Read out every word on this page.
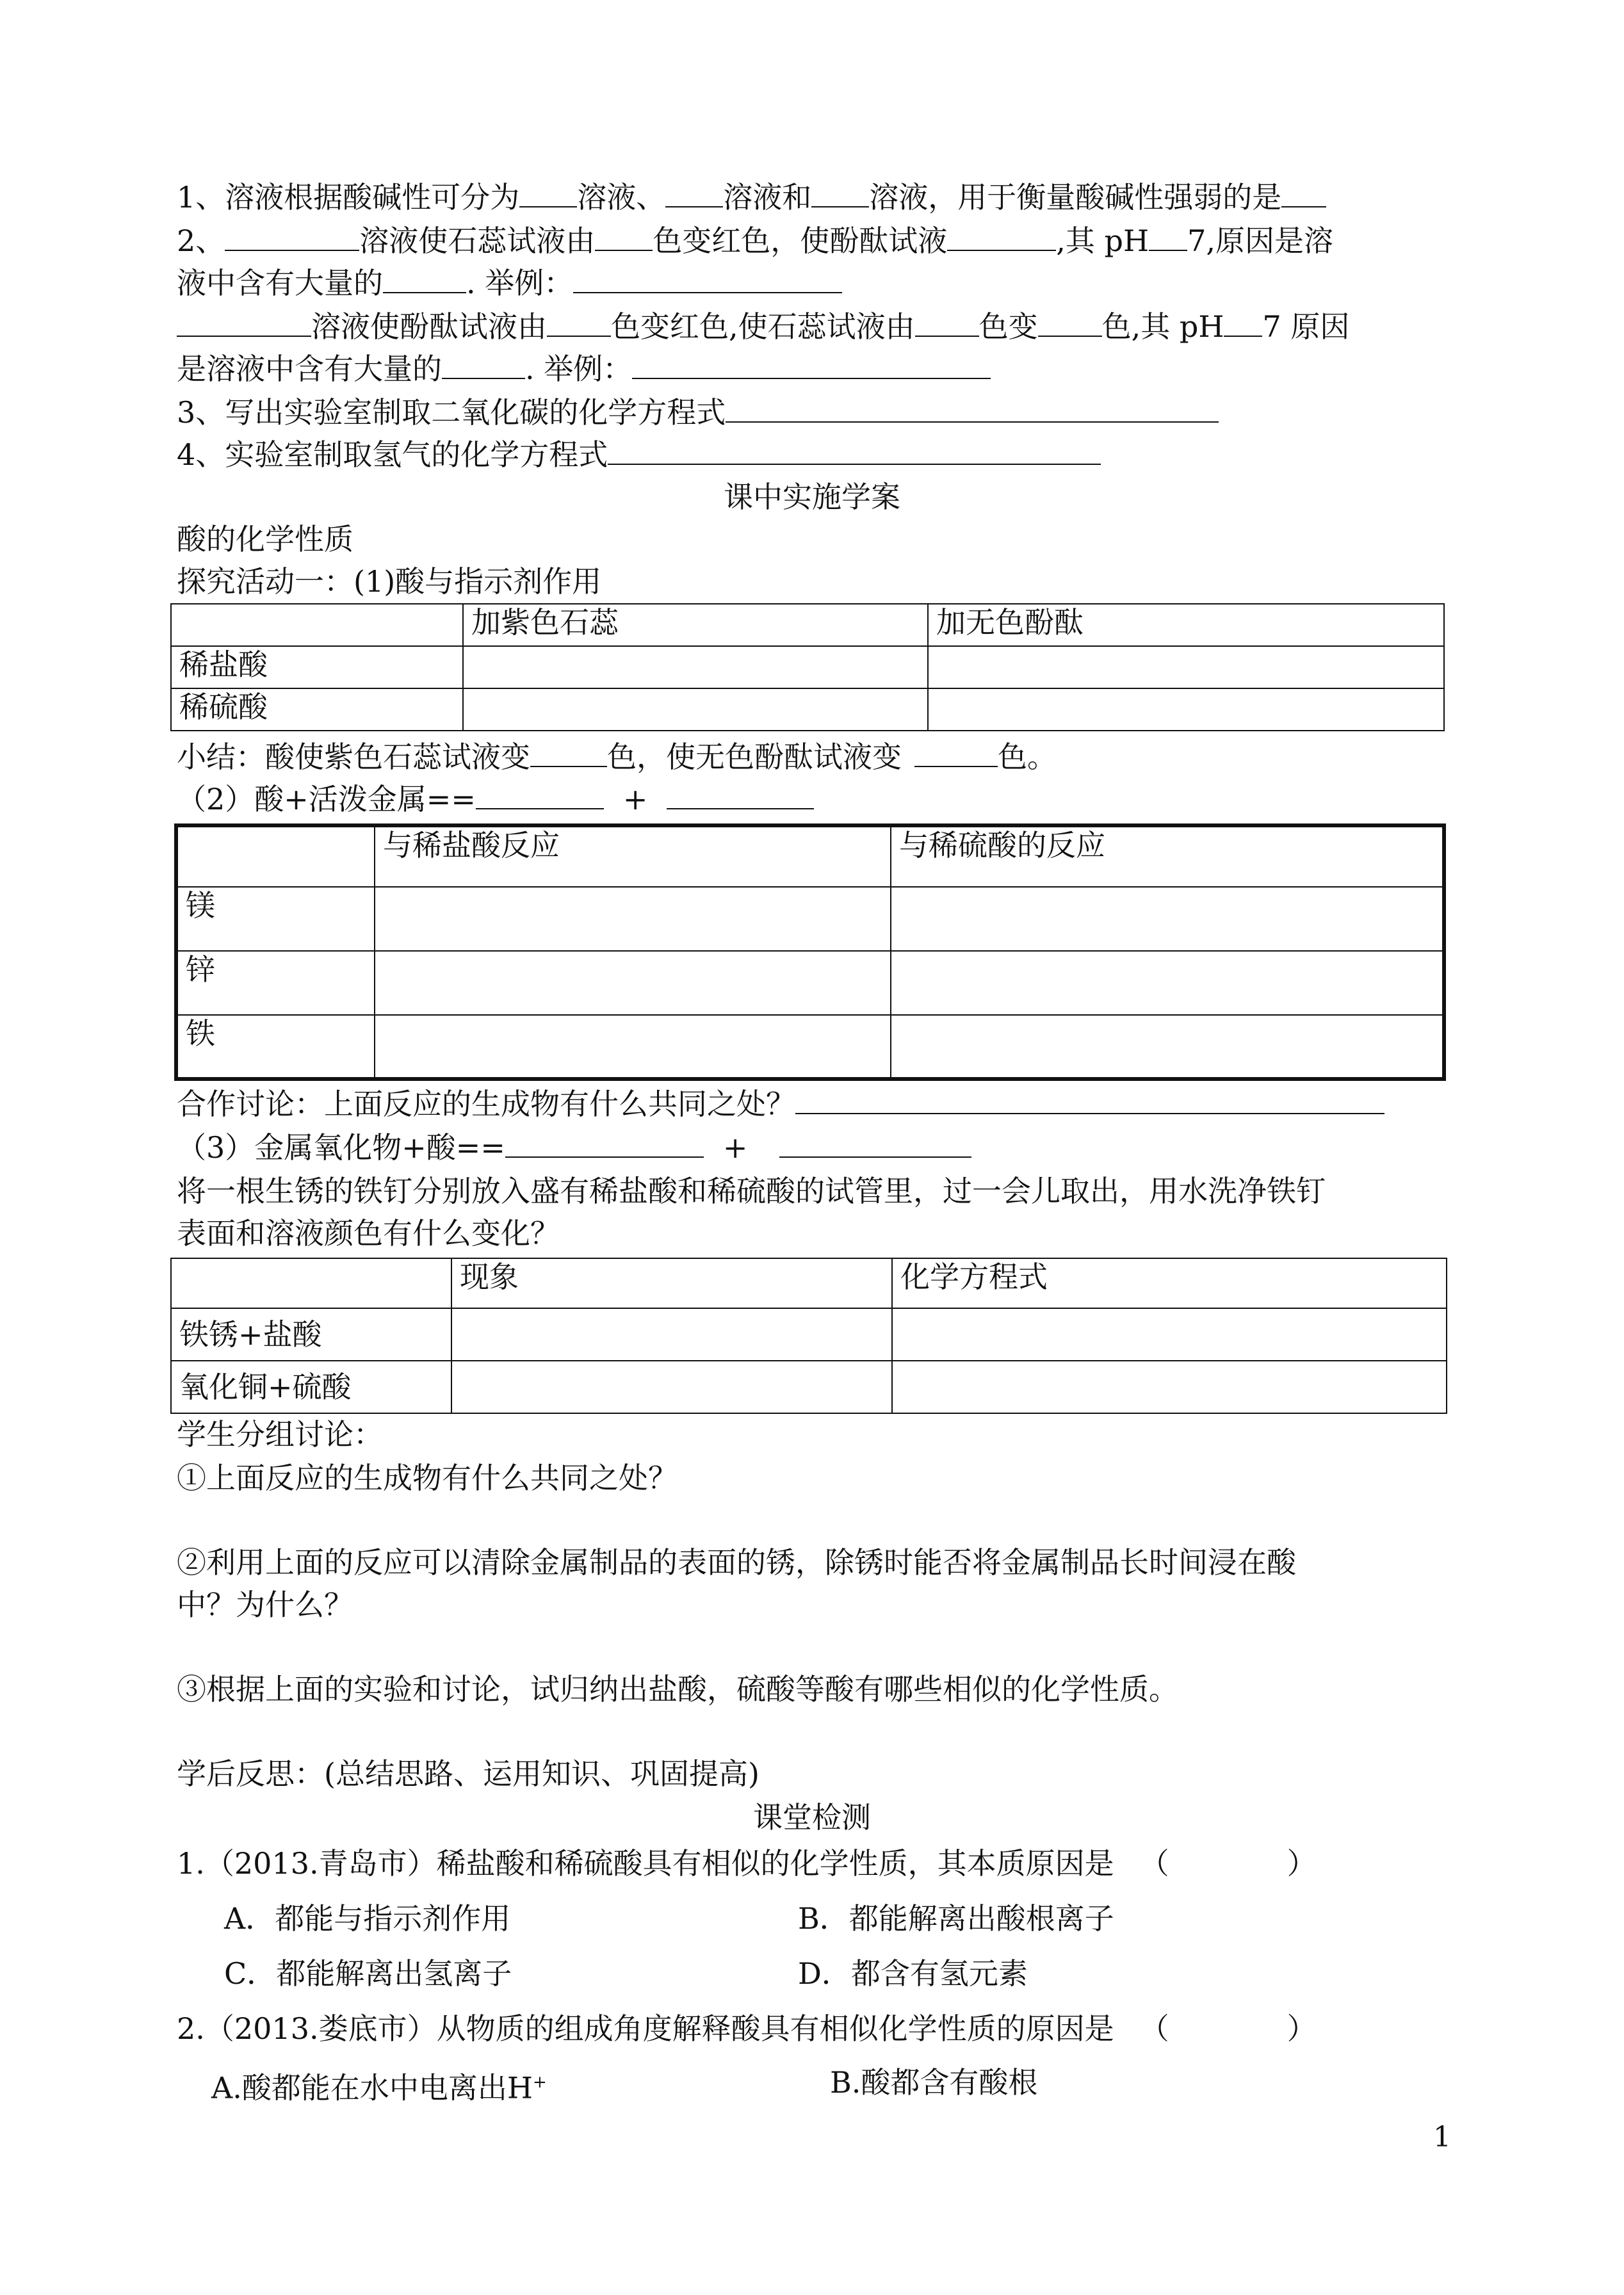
1、溶液根据酸碱性可分为 溶液、 溶液和 溶液，用于衡量酸碱性强弱的是
2、	溶液使石蕊试液由 色变红色，使酚酞试液	,其 pH 7,原因是溶
液中含有大量的	. 举例：
溶液使酚酞试液由 色变红色,使石蕊试液由 色变 色,其 pH 7 原因
是溶液中含有大量的	. 举例：
3、写出实验室制取二氧化碳的化学方程式
4、实验室制取氢气的化学方程式
课中实施学案
酸的化学性质
探究活动一：(1)酸与指示剂作用
	加紫色石蕊	加无色酚酞
稀盐酸		
稀硫酸		
小结：酸使紫色石蕊试液变	色，使无色酚酞试液变	色。
（2）酸+活泼金属==	+
	与稀盐酸反应	与稀硫酸的反应
镁		
锌		
铁		
合作讨论：上面反应的生成物有什么共同之处？
（3）金属氧化物+酸==	+
将一根生锈的铁钉分别放入盛有稀盐酸和稀硫酸的试管里，过一会儿取出，用水洗净铁钉
表面和溶液颜色有什么变化？
	现象	化学方程式
铁锈+盐酸		
氧化铜+硫酸		
学生分组讨论：
①上面反应的生成物有什么共同之处？
②利用上面的反应可以清除金属制品的表面的锈，除锈时能否将金属制品长时间浸在酸
中？为什么？
③根据上面的实验和讨论，试归纳出盐酸，硫酸等酸有哪些相似的化学性质。
学后反思：(总结思路、运用知识、巩固提高)
课堂检测
1.（2013.青岛市）稀盐酸和稀硫酸具有相似的化学性质，其本质原因是 （　　　　）
A．都能与指示剂作用	B．都能解离出酸根离子
C．都能解离出氢离子	D．都含有氢元素
2.（2013.娄底市）从物质的组成角度解释酸具有相似化学性质的原因是 （　　　　）
A.酸都能在水中电离出H+	B.酸都含有酸根
1
